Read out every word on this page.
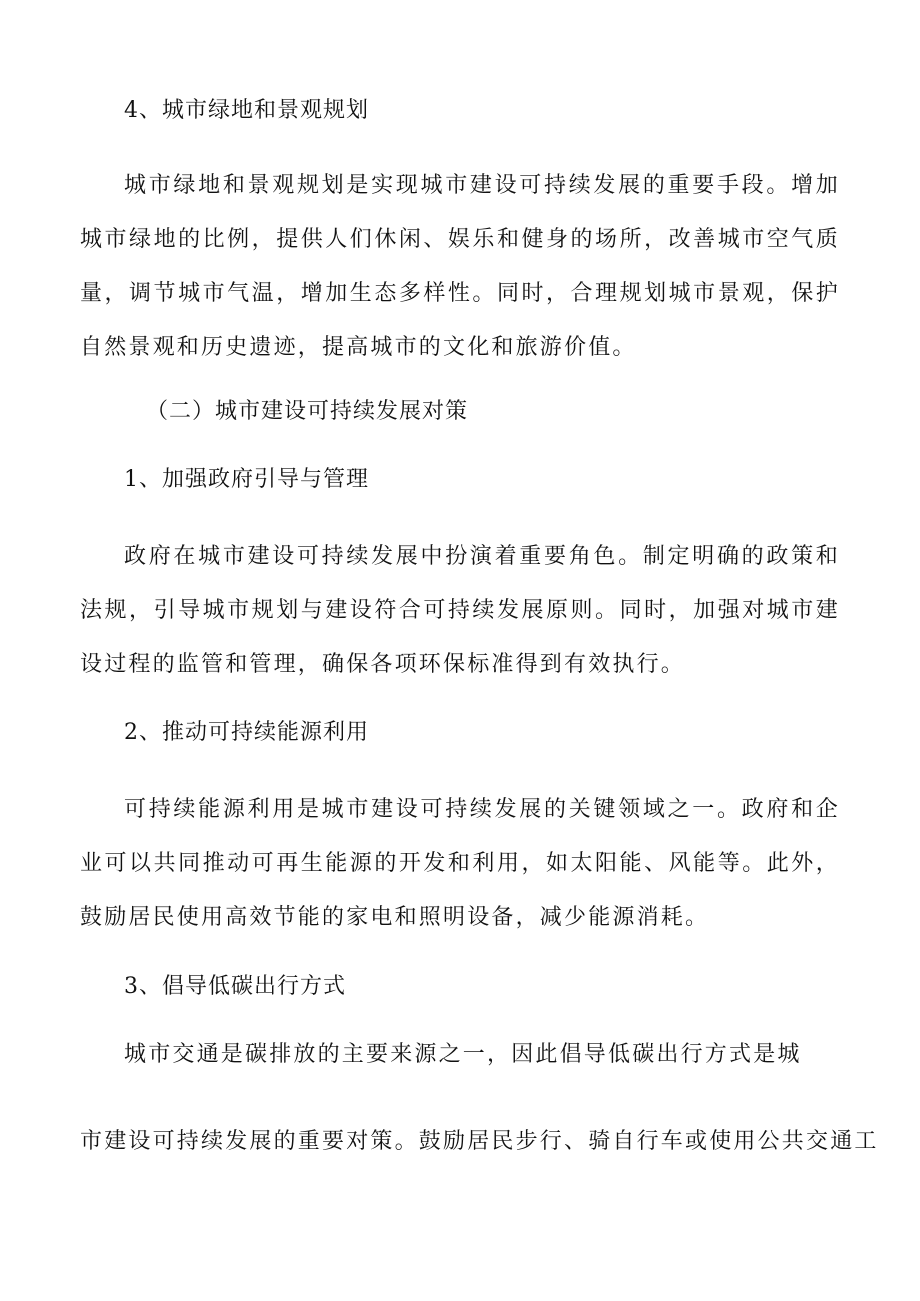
4、城市绿地和景观规划

城市绿地和景观规划是实现城市建设可持续发展的重要手段。增加城市绿地的比例，提供人们休闲、娱乐和健身的场所，改善城市空气质量，调节城市气温，增加生态多样性。同时，合理规划城市景观，保护自然景观和历史遗迹，提高城市的文化和旅游价值。

（二）城市建设可持续发展对策
1、加强政府引导与管理

政府在城市建设可持续发展中扮演着重要角色。制定明确的政策和法规，引导城市规划与建设符合可持续发展原则。同时，加强对城市建设过程的监管和管理，确保各项环保标准得到有效执行。

2、推动可持续能源利用

可持续能源利用是城市建设可持续发展的关键领域之一。政府和企业可以共同推动可再生能源的开发和利用，如太阳能、风能等。此外，鼓励居民使用高效节能的家电和照明设备，减少能源消耗。

3、倡导低碳出行方式
城市交通是碳排放的主要来源之一，因此倡导低碳出行方式是城
市建设可持续发展的重要对策。鼓励居民步行、骑自行车或使用公共交通工
